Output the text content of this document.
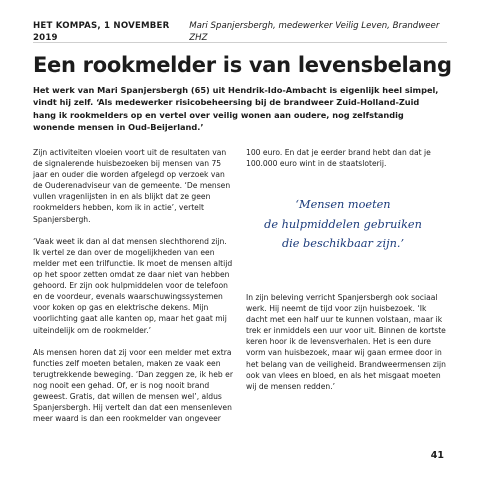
HET KOMPAS, 1 NOVEMBER 2019
Mari Spanjersbergh, medewerker Veilig Leven, Brandweer ZHZ
Een rookmelder is van levensbelang

Het werk van Mari Spanjersbergh (65) uit Hendrik-Ido-Ambacht is eigenlijk heel simpel, vindt hij zelf. ‘Als medewerker risicobeheersing bij de brandweer Zuid-Holland-Zuid hang ik rookmelders op en vertel over veilig wonen aan oudere, nog zelfstandig wonende mensen in Oud-Beijerland.’

Zijn activiteiten vloeien voort uit de resultaten van de signalerende huisbezoeken bij mensen van 75 jaar en ouder die worden afgelegd op verzoek van de Ouderenadviseur van de gemeente. ‘De mensen vullen vragenlijsten in en als blijkt dat ze geen rookmelders hebben, kom ik in actie’, vertelt Spanjersbergh.

‘Vaak weet ik dan al dat mensen slechthorend zijn. Ik vertel ze dan over de mogelijkheden van een melder met een trilfunctie. Ik moet de mensen altijd op het spoor zetten omdat ze daar niet van hebben gehoord. Er zijn ook hulpmiddelen voor de telefoon en de voordeur, evenals waarschuwingssystemen voor koken op gas en elektrische dekens. Mijn voorlichting gaat alle kanten op, maar het gaat mij uiteindelijk om de rookmelder.’

Als mensen horen dat zij voor een melder met extra functies zelf moeten betalen, maken ze vaak een terugtrekkende beweging. ‘Dan zeggen ze, ik heb er nog nooit een gehad. Of, er is nog nooit brand geweest. Gratis, dat willen de mensen wel’, aldus Spanjersbergh. Hij vertelt dan dat een mensenleven meer waard is dan een rookmelder van ongeveer

100 euro. En dat je eerder brand hebt dan dat je 100.000 euro wint in de staatsloterij.

‘Mensen moeten
de hulpmiddelen gebruiken
die beschikbaar zijn.’

In zijn beleving verricht Spanjersbergh ook sociaal werk. Hij neemt de tijd voor zijn huisbezoek. ‘Ik dacht met een half uur te kunnen volstaan, maar ik trek er inmiddels een uur voor uit. Binnen de kortste keren hoor ik de levensverhalen. Het is een dure vorm van huisbezoek, maar wij gaan ermee door in het belang van de veiligheid. Brandweermensen zijn ook van vlees en bloed, en als het misgaat moeten wij de mensen redden.’

41
